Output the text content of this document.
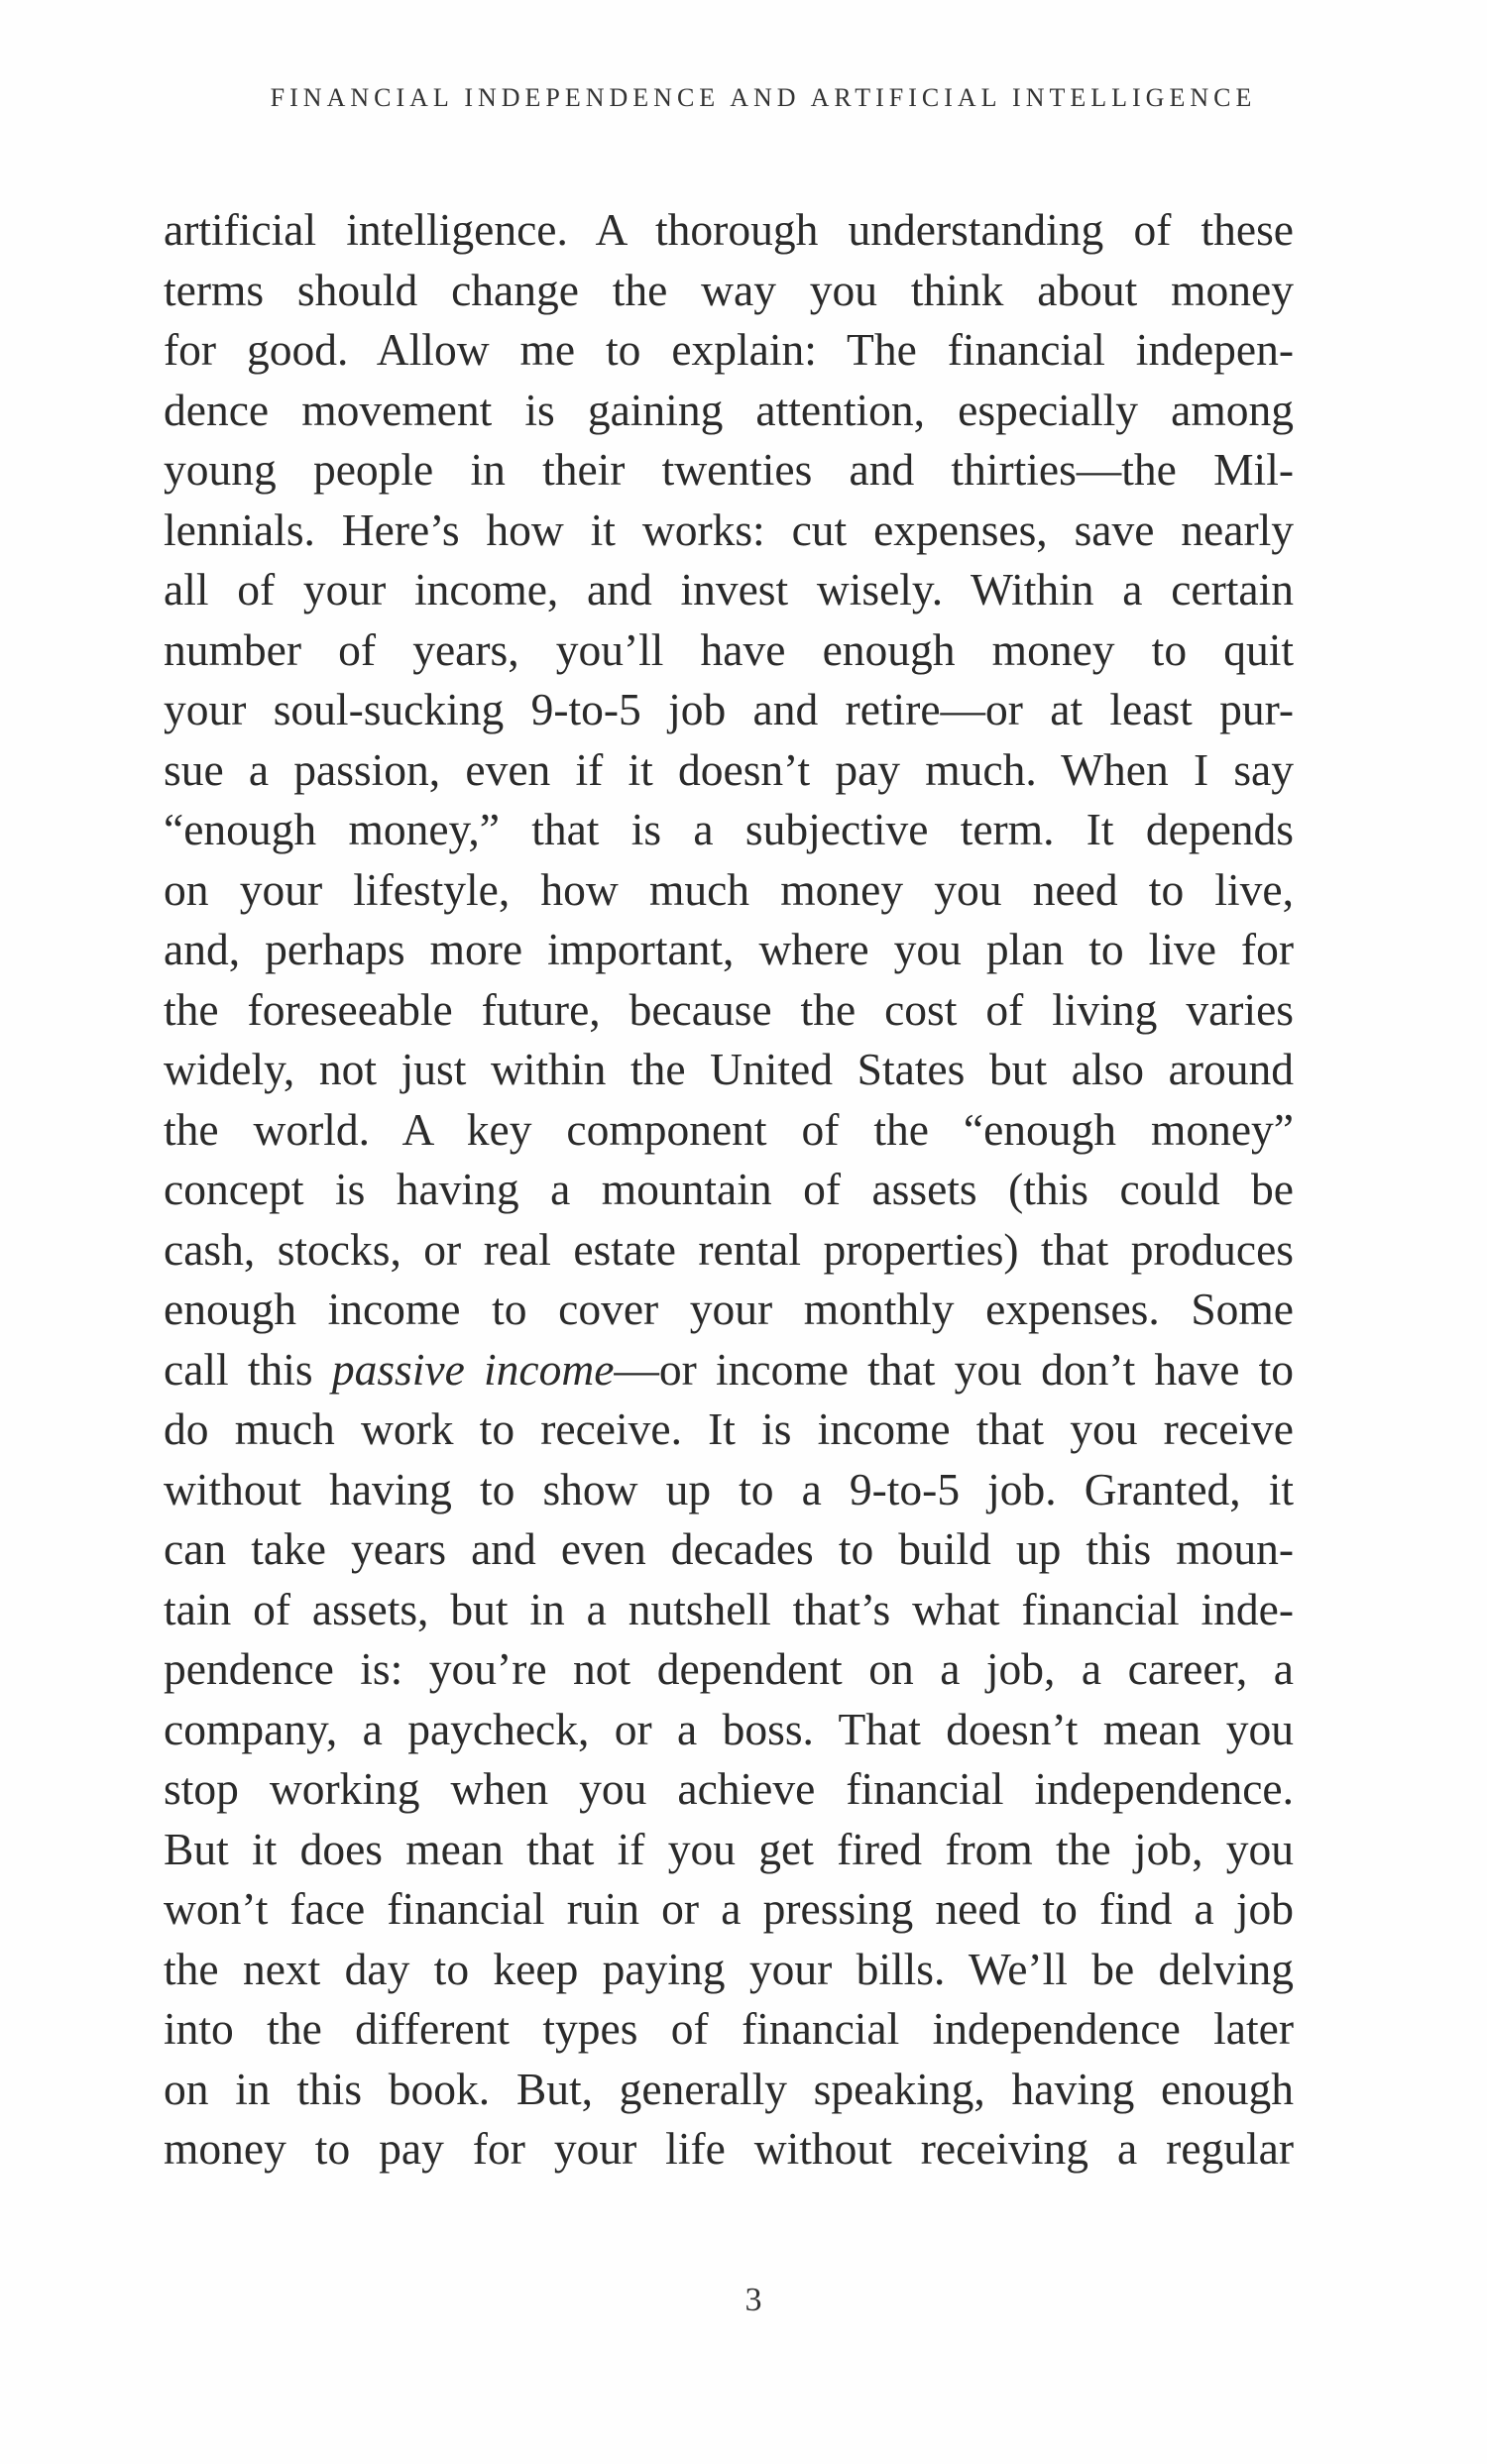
FINANCIAL INDEPENDENCE AND ARTIFICIAL INTELLIGENCE

artificial intelligence. A thorough understanding of these
terms should change the way you think about money
for good. Allow me to explain: The financial indepen-
dence movement is gaining attention, especially among
young people in their twenties and thirties—the Mil-
lennials. Here’s how it works: cut expenses, save nearly
all of your income, and invest wisely. Within a certain
number of years, you’ll have enough money to quit
your soul-sucking 9-to-5 job and retire—or at least pur-
sue a passion, even if it doesn’t pay much. When I say
“enough money,” that is a subjective term. It depends
on your lifestyle, how much money you need to live,
and, perhaps more important, where you plan to live for
the foreseeable future, because the cost of living varies
widely, not just within the United States but also around
the world. A key component of the “enough money”
concept is having a mountain of assets (this could be
cash, stocks, or real estate rental properties) that produces
enough income to cover your monthly expenses. Some
call this passive income—or income that you don’t have to
do much work to receive. It is income that you receive
without having to show up to a 9-to-5 job. Granted, it
can take years and even decades to build up this moun-
tain of assets, but in a nutshell that’s what financial inde-
pendence is: you’re not dependent on a job, a career, a
company, a paycheck, or a boss. That doesn’t mean you
stop working when you achieve financial independence.
But it does mean that if you get fired from the job, you
won’t face financial ruin or a pressing need to find a job
the next day to keep paying your bills. We’ll be delving
into the different types of financial independence later
on in this book. But, generally speaking, having enough
money to pay for your life without receiving a regular

3
